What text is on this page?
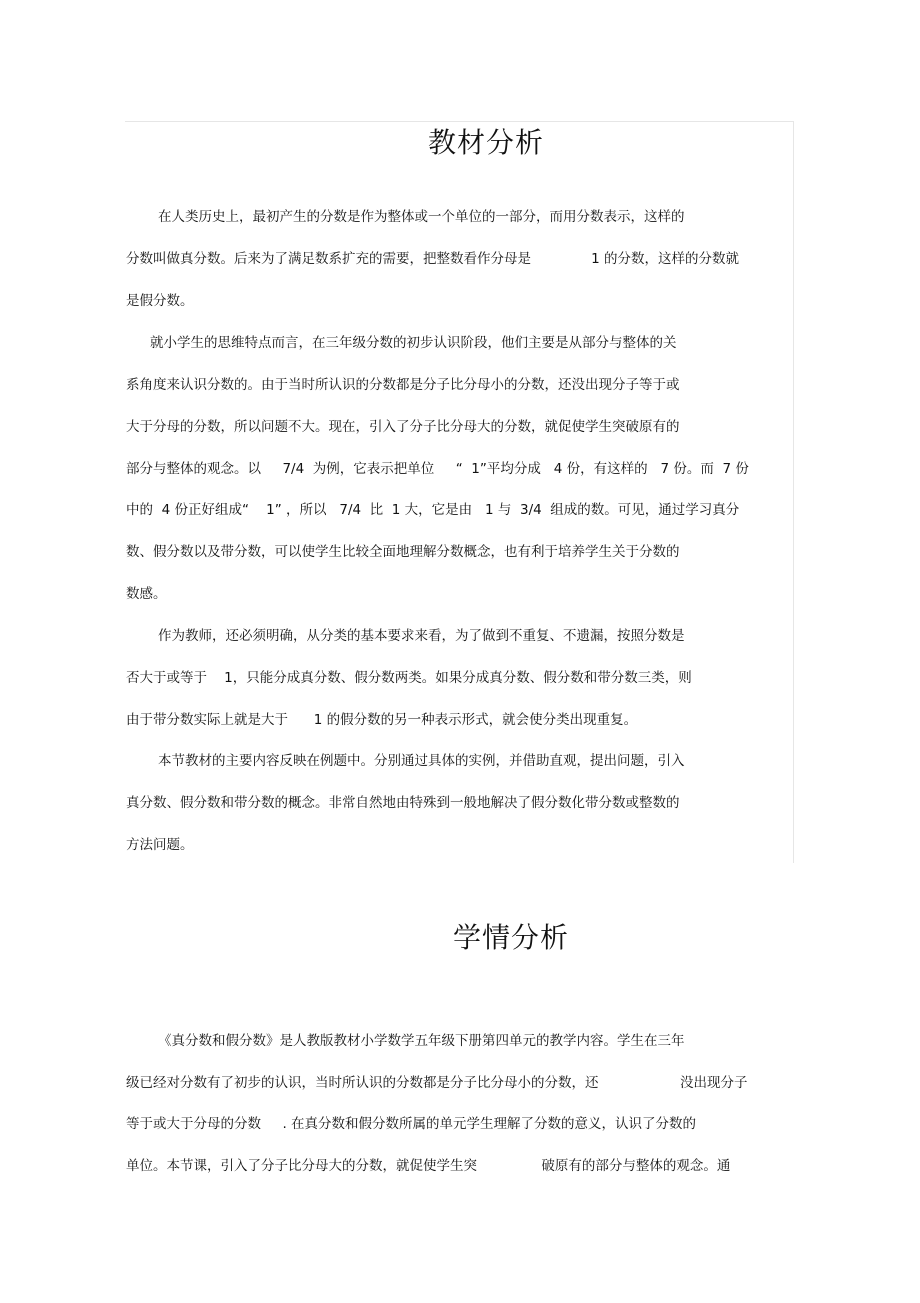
教材分析

在人类历史上，最初产生的分数是作为整体或一个单位的一部分，而用分数表示，这样的

分数叫做真分数。后来为了满足数系扩充的需要，把整数看作分母是              1 的分数，这样的分数就

是假分数。

就小学生的思维特点而言，在三年级分数的初步认识阶段，他们主要是从部分与整体的关

系角度来认识分数的。由于当时所认识的分数都是分子比分母小的分数，还没出现分子等于或

大于分母的分数，所以问题不大。现在，引入了分子比分母大的分数，就促使学生突破原有的

部分与整体的观念。以     7/4  为例，它表示把单位     “  1”平均分成   4 份，有这样的   7 份。而  7 份

中的  4 份正好组成“    1” ，所以   7/4  比  1 大，它是由   1 与  3/4  组成的数。可见，通过学习真分

数、假分数以及带分数，可以使学生比较全面地理解分数概念，也有利于培养学生关于分数的

数感。

作为教师，还必须明确，从分类的基本要求来看，为了做到不重复、不遗漏，按照分数是

否大于或等于    1，只能分成真分数、假分数两类。如果分成真分数、假分数和带分数三类，则

由于带分数实际上就是大于      1 的假分数的另一种表示形式，就会使分类出现重复。

本节教材的主要内容反映在例题中。分别通过具体的实例，并借助直观，提出问题，引入

真分数、假分数和带分数的概念。非常自然地由特殊到一般地解决了假分数化带分数或整数的

方法问题。

学情分析

《真分数和假分数》是人教版教材小学数学五年级下册第四单元的教学内容。学生在三年

级已经对分数有了初步的认识，当时所认识的分数都是分子比分母小的分数，还                   没出现分子

等于或大于分母的分数     . 在真分数和假分数所属的单元学生理解了分数的意义，认识了分数的

单位。本节课，引入了分子比分母大的分数，就促使学生突               破原有的部分与整体的观念。通
